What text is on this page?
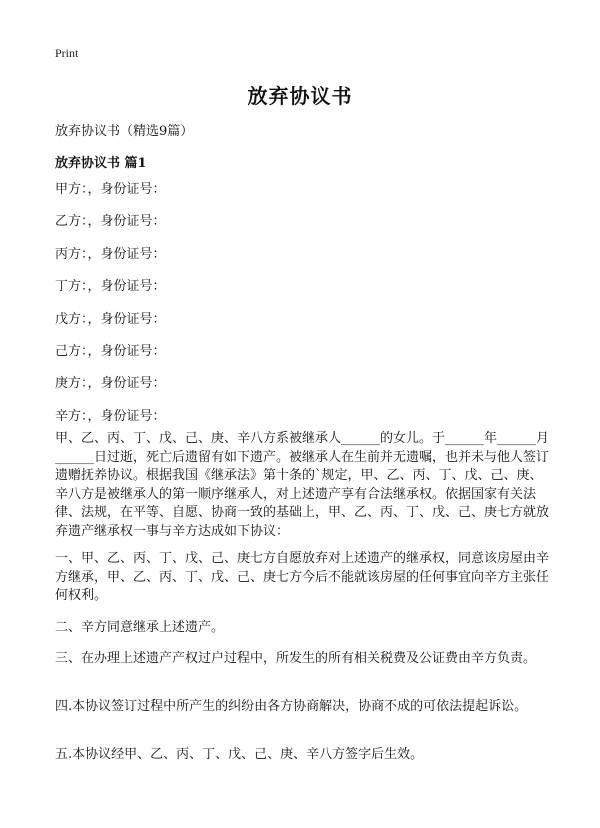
Print
放弃协议书
放弃协议书（精选9篇）
放弃协议书 篇1
甲方：，身份证号：
乙方：，身份证号：
丙方：，身份证号：
丁方：，身份证号：
戊方：，身份证号：
己方：，身份证号：
庚方：，身份证号：
辛方：，身份证号：

甲、乙、丙、丁、戊、己、庚、辛八方系被继承人______的女儿。于______年______月______日过逝，死亡后遗留有如下遗产。被继承人在生前并无遗嘱，也并未与他人签订遗赠抚养协议。根据我国《继承法》第十条的`规定，甲、乙、丙、丁、戊、己、庚、辛八方是被继承人的第一顺序继承人，对上述遗产享有合法继承权。依据国家有关法律、法规，在平等、自愿、协商一致的基础上，甲、乙、丙、丁、戊、己、庚七方就放弃遗产继承权一事与辛方达成如下协议：

一、甲、乙、丙、丁、戊、己、庚七方自愿放弃对上述遗产的继承权，同意该房屋由辛方继承，甲、乙、丙、丁、戊、己、庚七方今后不能就该房屋的任何事宜向辛方主张任何权利。

二、辛方同意继承上述遗产。

三、在办理上述遗产产权过户过程中，所发生的所有相关税费及公证费由辛方负责。

四.本协议签订过程中所产生的纠纷由各方协商解决，协商不成的可依法提起诉讼。

五.本协议经甲、乙、丙、丁、戊、己、庚、辛八方签字后生效。
